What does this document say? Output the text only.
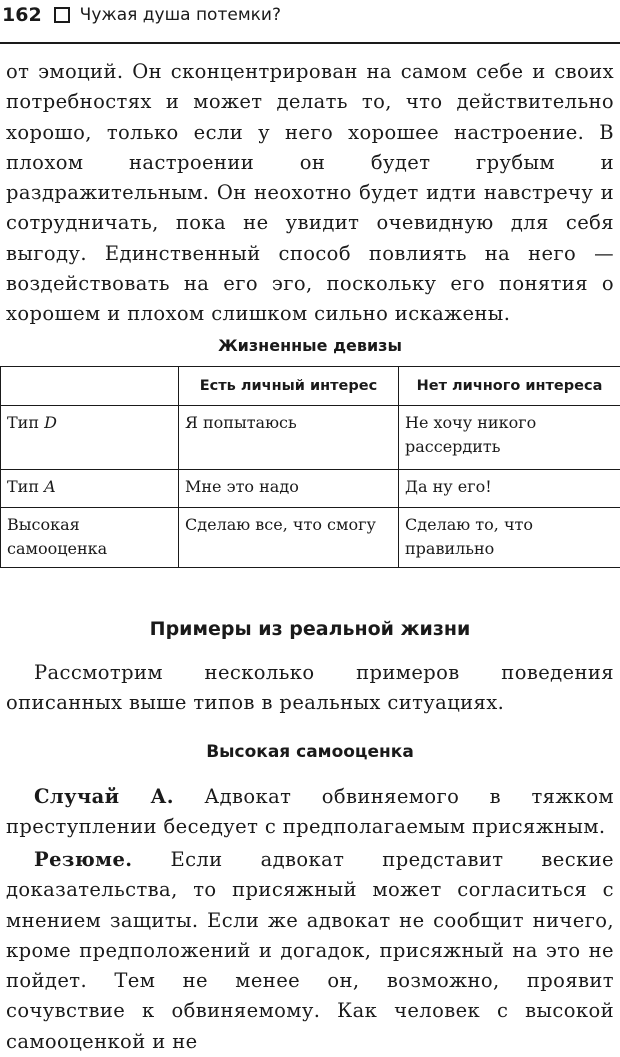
162 Чужая душа потемки?

от эмоций. Он сконцентрирован на самом себе и своих потребностях и может делать то, что действительно хорошо, только если у него хорошее настроение. В плохом настроении он будет грубым и раздражительным. Он неохотно будет идти навстречу и сотрудничать, пока не увидит очевидную для себя выгоду. Единственный способ повлиять на него — воздействовать на его эго, поскольку его понятия о хорошем и плохом слишком сильно искажены.

Жизненные девизы
	Есть личный интерес	Нет личного интереса
Тип D	Я попытаюсь	Не хочу никого рассердить
Тип A	Мне это надо	Да ну его!
Высокая самооценка	Сделаю все, что смогу	Сделаю то, что правильно
Примеры из реальной жизни

Рассмотрим несколько примеров поведения описанных выше типов в реальных ситуациях.

Высокая самооценка

Случай А. Адвокат обвиняемого в тяжком преступлении беседует с предполагаемым присяжным.

Резюме. Если адвокат представит веские доказательства, то присяжный может согласиться с мнением защиты. Если же адвокат не сообщит ничего, кроме предположений и догадок, присяжный на это не пойдет. Тем не менее он, возможно, проявит сочувствие к обвиняемому. Как человек с высокой самооценкой и не
